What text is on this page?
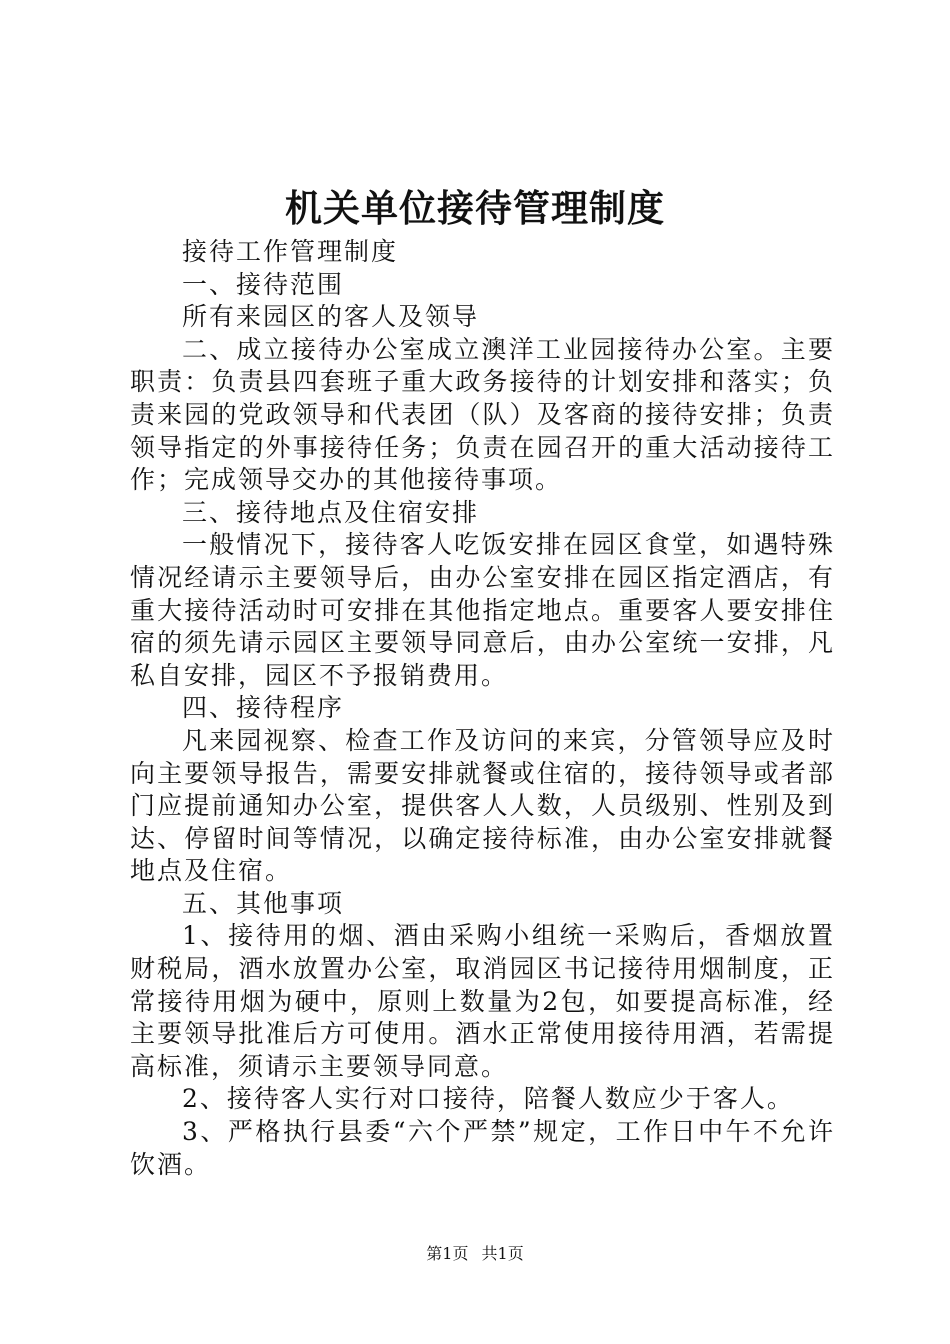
机关单位接待管理制度

接待工作管理制度

一、接待范围

所有来园区的客人及领导

二、成立接待办公室成立澳洋工业园接待办公室。主要职责：负责县四套班子重大政务接待的计划安排和落实；负责来园的党政领导和代表团（队）及客商的接待安排；负责领导指定的外事接待任务；负责在园召开的重大活动接待工作；完成领导交办的其他接待事项。

三、接待地点及住宿安排

一般情况下，接待客人吃饭安排在园区食堂，如遇特殊情况经请示主要领导后，由办公室安排在园区指定酒店，有重大接待活动时可安排在其他指定地点。重要客人要安排住宿的须先请示园区主要领导同意后，由办公室统一安排，凡私自安排，园区不予报销费用。

四、接待程序

凡来园视察、检查工作及访问的来宾，分管领导应及时向主要领导报告，需要安排就餐或住宿的，接待领导或者部门应提前通知办公室，提供客人人数，人员级别、性别及到达、停留时间等情况，以确定接待标准，由办公室安排就餐地点及住宿。

五、其他事项

1、接待用的烟、酒由采购小组统一采购后，香烟放置财税局，酒水放置办公室，取消园区书记接待用烟制度，正常接待用烟为硬中，原则上数量为2包，如要提高标准，经主要领导批准后方可使用。酒水正常使用接待用酒，若需提高标准，须请示主要领导同意。

2、接待客人实行对口接待，陪餐人数应少于客人。

3、严格执行县委“六个严禁”规定，工作日中午不允许饮酒。

第1页 共1页
